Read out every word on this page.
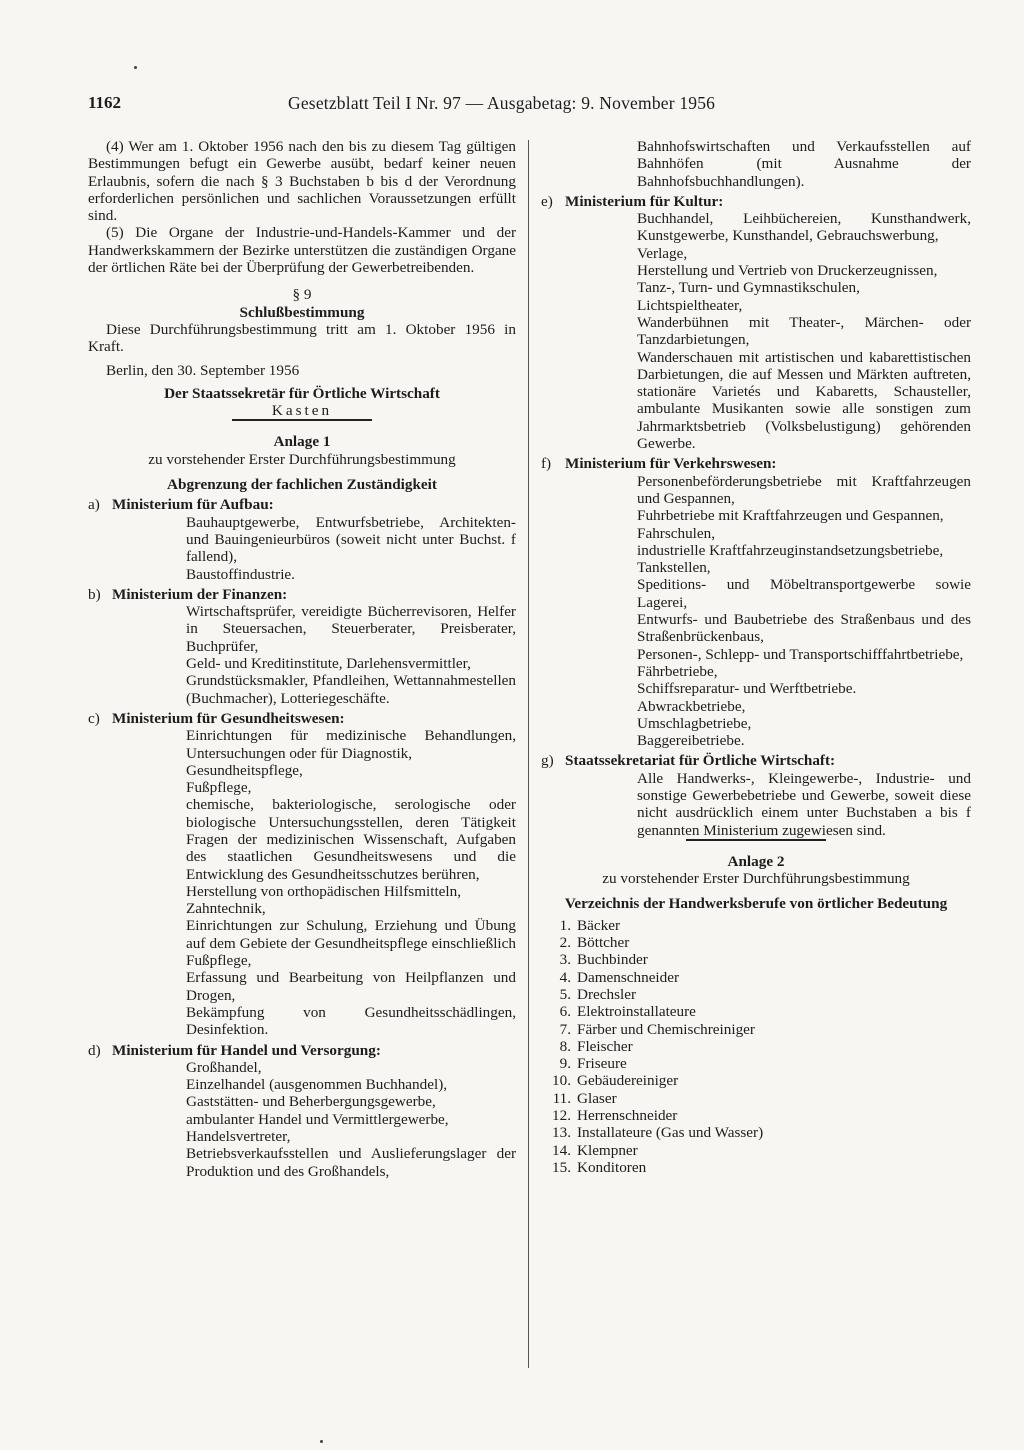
1162	Gesetzblatt Teil I Nr. 97 — Ausgabetag: 9. November 1956

(4) Wer am 1. Oktober 1956 nach den bis zu diesem Tag gültigen Bestimmungen befugt ein Gewerbe ausübt, bedarf keiner neuen Erlaubnis, sofern die nach § 3 Buchstaben b bis d der Verordnung erforderlichen persönlichen und sachlichen Voraussetzungen erfüllt sind.

(5) Die Organe der Industrie-und-Handels-Kammer und der Handwerkskammern der Bezirke unterstützen die zuständigen Organe der örtlichen Räte bei der Überprüfung der Gewerbetreibenden.

§ 9

Schlußbestimmung

Diese Durchführungsbestimmung tritt am 1. Oktober 1956 in Kraft.

Berlin, den 30. September 1956

Der Staatssekretär für Örtliche Wirtschaft

Kasten

Anlage 1

zu vorstehender Erster Durchführungsbestimmung

Abgrenzung der fachlichen Zuständigkeit

a) Ministerium für Aufbau:

Bauhauptgewerbe, Entwurfsbetriebe, Architekten- und Bauingenieurbüros (soweit nicht unter Buchst. f fallend),

Baustoffindustrie.

b) Ministerium der Finanzen:

Wirtschaftsprüfer, vereidigte Bücherrevisoren, Helfer in Steuersachen, Steuerberater, Preisberater, Buchprüfer,

Geld- und Kreditinstitute, Darlehensvermittler,

Grundstücksmakler, Pfandleihen, Wettannahmestellen (Buchmacher), Lotteriegeschäfte.

c) Ministerium für Gesundheitswesen:

Einrichtungen für medizinische Behandlungen, Untersuchungen oder für Diagnostik,

Gesundheitspflege,

Fußpflege,

chemische, bakteriologische, serologische oder biologische Untersuchungsstellen, deren Tätigkeit Fragen der medizinischen Wissenschaft, Aufgaben des staatlichen Gesundheitswesens und die Entwicklung des Gesundheitsschutzes berühren,

Herstellung von orthopädischen Hilfsmitteln,

Zahntechnik,

Einrichtungen zur Schulung, Erziehung und Übung auf dem Gebiete der Gesundheitspflege einschließlich Fußpflege,

Erfassung und Bearbeitung von Heilpflanzen und Drogen,

Bekämpfung von Gesundheitsschädlingen, Desinfektion.

d) Ministerium für Handel und Versorgung:

Großhandel,

Einzelhandel (ausgenommen Buchhandel),

Gaststätten- und Beherbergungsgewerbe,

ambulanter Handel und Vermittlergewerbe,

Handelsvertreter,

Betriebsverkaufsstellen und Auslieferungslager der Produktion und des Großhandels,

Bahnhofswirtschaften und Verkaufsstellen auf Bahnhöfen (mit Ausnahme der Bahnhofsbuchhandlungen).

e) Ministerium für Kultur:

Buchhandel, Leihbüchereien, Kunsthandwerk, Kunstgewerbe, Kunsthandel, Gebrauchswerbung,

Verlage,

Herstellung und Vertrieb von Druckerzeugnissen,

Tanz-, Turn- und Gymnastikschulen,

Lichtspieltheater,

Wanderbühnen mit Theater-, Märchen- oder Tanzdarbietungen,

Wanderschauen mit artistischen und kabarettistischen Darbietungen, die auf Messen und Märkten auftreten, stationäre Varietés und Kabaretts, Schausteller, ambulante Musikanten sowie alle sonstigen zum Jahrmarktsbetrieb (Volksbelustigung) gehörenden Gewerbe.

f) Ministerium für Verkehrswesen:

Personenbeförderungsbetriebe mit Kraftfahrzeugen und Gespannen,

Fuhrbetriebe mit Kraftfahrzeugen und Gespannen,

Fahrschulen,

industrielle Kraftfahrzeuginstandsetzungsbetriebe,

Tankstellen,

Speditions- und Möbeltransportgewerbe sowie Lagerei,

Entwurfs- und Baubetriebe des Straßenbaus und des Straßenbrückenbaus,

Personen-, Schlepp- und Transportschifffahrtbetriebe,

Fährbetriebe,

Schiffsreparatur- und Werftbetriebe.

Abwrackbetriebe,

Umschlagbetriebe,

Baggereibetriebe.

g) Staatssekretariat für Örtliche Wirtschaft:

Alle Handwerks-, Kleingewerbe-, Industrie- und sonstige Gewerbebetriebe und Gewerbe, soweit diese nicht ausdrücklich einem unter Buchstaben a bis f genannten Ministerium zugewiesen sind.

Anlage 2

zu vorstehender Erster Durchführungsbestimmung

Verzeichnis der Handwerksberufe von örtlicher Bedeutung

1. Bäcker
2. Böttcher
3. Buchbinder
4. Damenschneider
5. Drechsler
6. Elektroinstallateure
7. Färber und Chemischreiniger
8. Fleischer
9. Friseure
10. Gebäudereiniger
11. Glaser
12. Herrenschneider
13. Installateure (Gas und Wasser)
14. Klempner
15. Konditoren
